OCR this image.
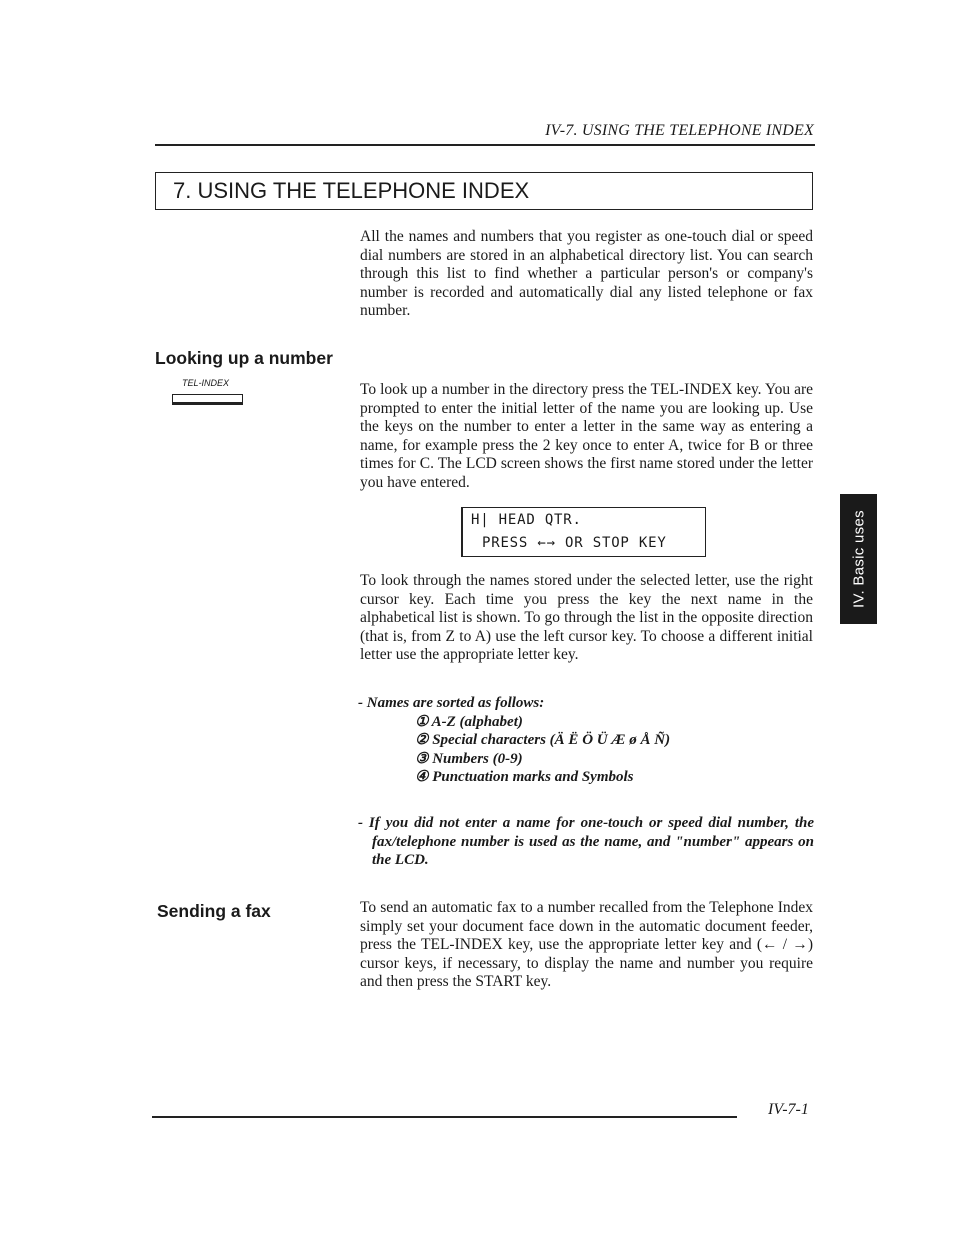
IV-7. USING THE TELEPHONE INDEX
7. USING THE TELEPHONE INDEX

All the names and numbers that you register as one-touch dial or speed dial numbers are stored in an alphabetical directory list. You can search through this list to find whether a particular person's or company's number is recorded and automatically dial any listed telephone or fax number.

Looking up a number
TEL-INDEX	To look up a number in the directory press the TEL-INDEX key. You are prompted to enter the initial letter of the name you are looking up. Use the keys on the number to enter a letter in the same way as entering a name, for example press the 2 key once to enter A, twice for B or three times for C. The LCD screen shows the first name stored under the letter you have entered.

H| HEAD QTR.
PRESS ←→ OR STOP KEY

To look through the names stored under the selected letter, use the right cursor key. Each time you press the key the next name in the alphabetical list is shown. To go through the list in the opposite direction (that is, from Z to A) use the left cursor key. To choose a different initial letter use the appropriate letter key.

- Names are sorted as follows:

① A-Z (alphabet)
② Special characters (Ä Ë Ö Ü Æ ø Å Ñ)
③ Numbers (0-9)
④ Punctuation marks and Symbols

- If you did not enter a name for one-touch or speed dial number, the fax/telephone number is used as the name, and "number" appears on the LCD.

Sending a fax	To send an automatic fax to a number recalled from the Telephone Index simply set your document face down in the automatic document feeder, press the TEL-INDEX key, use the appropriate letter key and (← / →) cursor keys, if necessary, to display the name and number you require and then press the START key.

IV. Basic uses
IV-7-1
